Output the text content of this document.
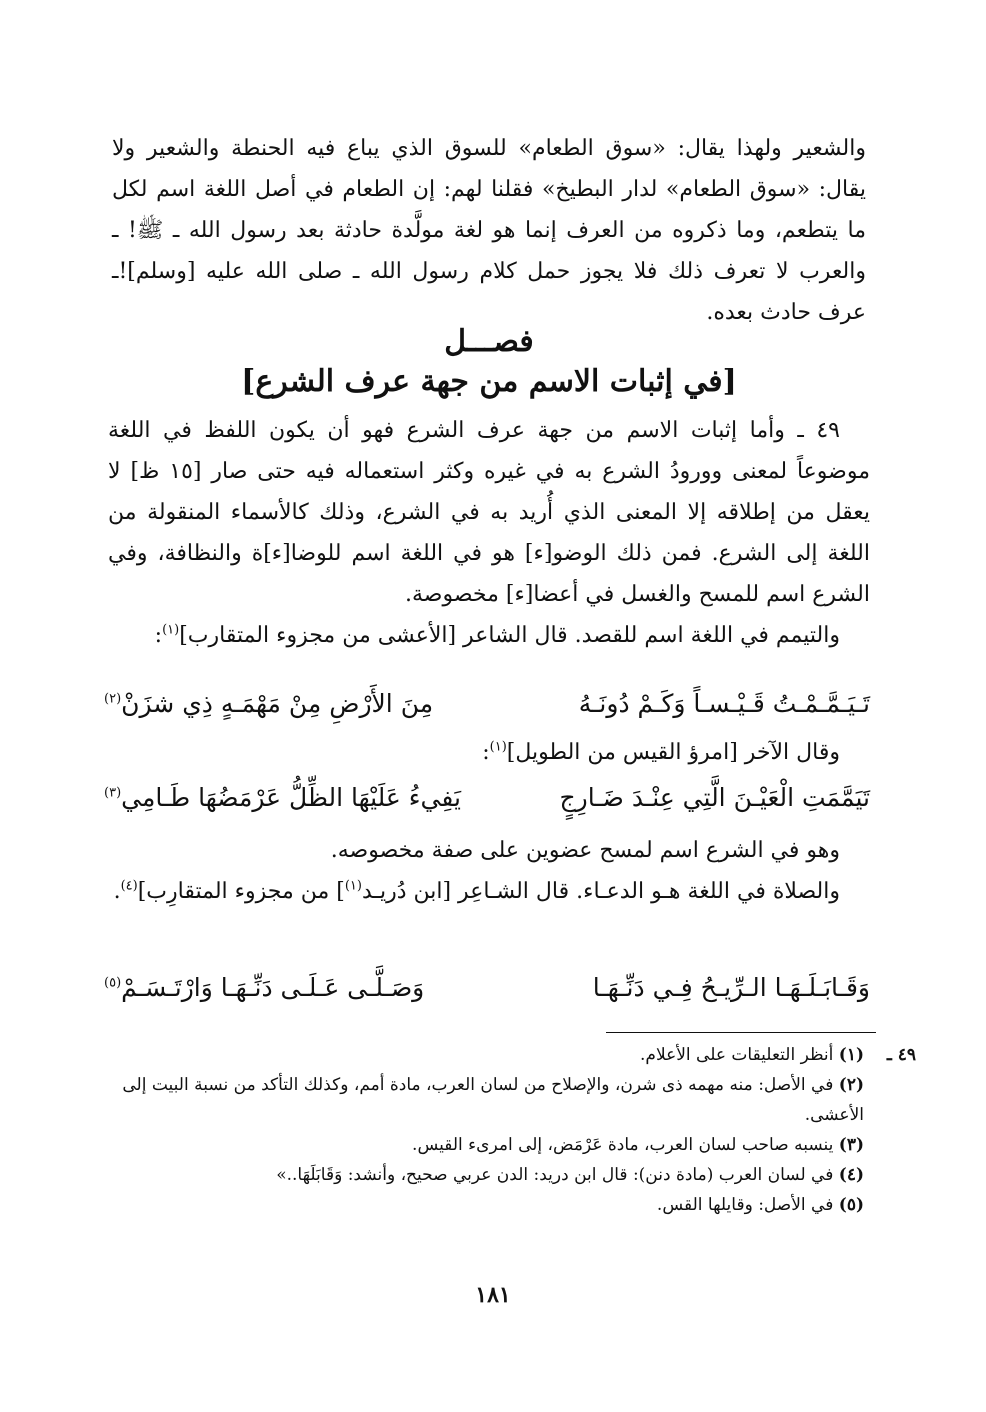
والشعير ولهذا يقال: «سوق الطعام» للسوق الذي يباع فيه الحنطة والشعير ولا يقال: «سوق الطعام» لدار البطيخ» فقلنا لهم: إن الطعام في أصل اللغة اسم لكل ما يتطعم، وما ذكروه من العرف إنما هو لغة مولَّدة حادثة بعد رسول الله ـ ﷺ! ـ والعرب لا تعرف ذلك فلا يجوز حمل كلام رسول الله ـ صلى الله عليه [وسلم]!ـ عرف حادث بعده.

فصـــل
[في إثبات الاسم من جهة عرف الشرع]

٤٩ ـ وأما إثبات الاسم من جهة عرف الشرع فهو أن يكون اللفظ في اللغة موضوعاً لمعنى وورودُ الشرع به في غيره وكثر استعماله فيه حتى صار [١٥ ظ] لا يعقل من إطلاقه إلا المعنى الذي أُريد به في الشرع، وذلك كالأسماء المنقولة من اللغة إلى الشرع. فمن ذلك الوضو[ء] هو في اللغة اسم للوضا[ء]ة والنظافة، وفي الشرع اسم للمسح والغسل في أعضا[ء] مخصوصة.

والتيمم في اللغة اسم للقصد. قال الشاعر [الأعشى من مجزوء المتقارب]$^{(١)}$:

تَـيَـمَّـمْـتُ قَـيْـسـاً وَكَـمْ دُونَـهُ
مِنَ الأَرْضِ مِنْ مَهْمَـهٍ ذِي شزَنْ$^{(٢)}$

وقال الآخر [امرؤ القيس من الطويل]$^{(١)}$:

تَيَمَّمَتِ الْعَيْـنَ الَّتِي عِنْـدَ ضَـارِجٍ
يَفِيءُ عَلَيْهَا الظِّلُّ عَرْمَضُهَا طَـامِي$^{(٣)}$

وهو في الشرع اسم لمسح عضوين على صفة مخصوصه.

والصلاة في اللغة هـو الدعـاء. قال الشـاعِر [ابن دُريـد$^{(١)}$] من مجزوء المتقارِب]$^{(٤)}$.

وَقَـابَـلَـهَـا الـرِّيـحُ فِـي دَنِّـهَـا
وَصَـلَّـى عَـلَـى دَنِّـهَـا وَارْتَـسَـمْ$^{(٥)}$
٤٩ ـ
(١) أنظر التعليقات على الأعلام.
(٢) في الأصل: منه مهمه ذى شرن، والإصلاح من لسان العرب، مادة أمم، وكذلك التأكد من نسبة البيت إلى الأعشى.
(٣) ينسبه صاحب لسان العرب، مادة عَرْمَض، إلى امرىء القيس.
(٤) في لسان العرب (مادة دنن): قال ابن دريد: الدن عربي صحيح، وأنشد: وَقَابَلَهَا..»
(٥) في الأصل: وقايلها القس.
١٨١
